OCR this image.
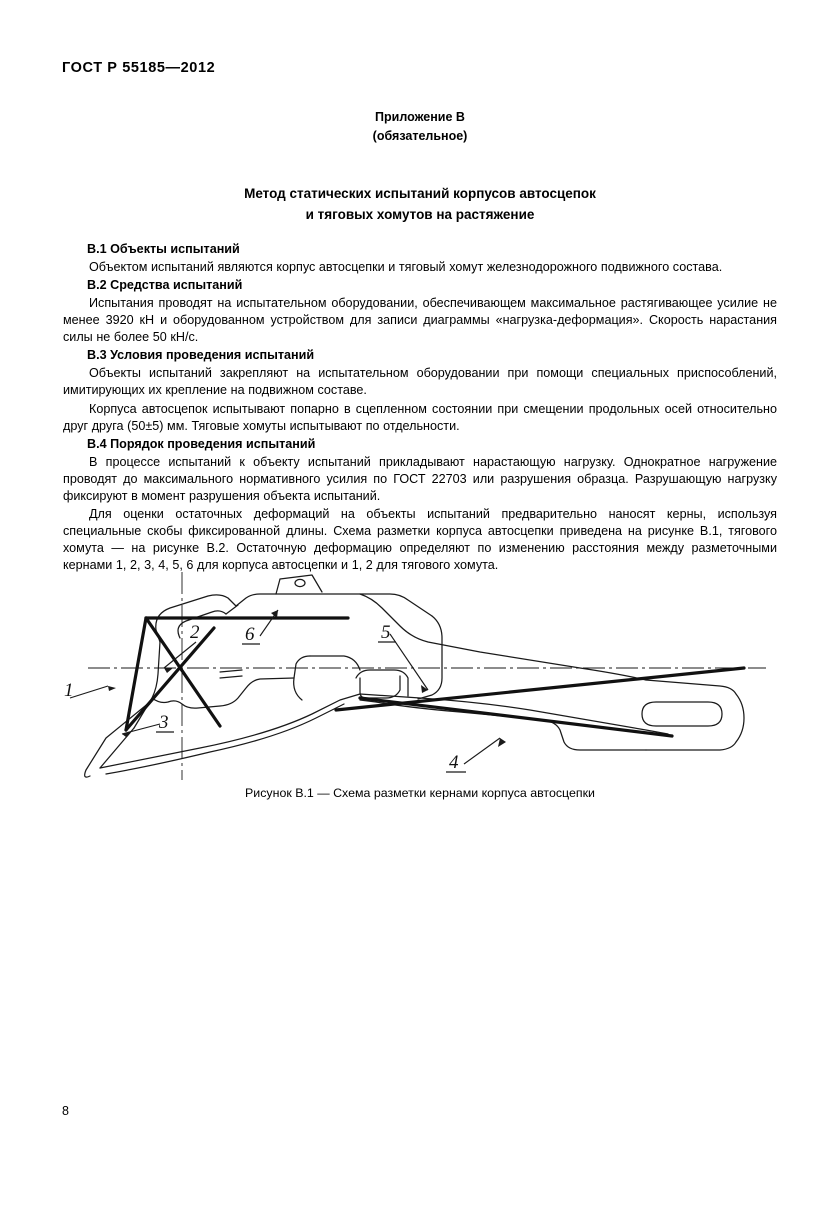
ГОСТ Р 55185—2012
Приложение В
(обязательное)
Метод статических испытаний корпусов автосцепок
и тяговых хомутов на растяжение
В.1 Объекты испытаний

Объектом испытаний являются корпус автосцепки и тяговый хомут железнодорожного подвижного состава.

В.2 Средства испытаний

Испытания проводят на испытательном оборудовании, обеспечивающем максимальное растягивающее усилие не менее 3920 кН и оборудованном устройством для записи диаграммы «нагрузка-деформация». Скорость нарастания силы не более 50 кН/с.

В.3 Условия проведения испытаний

Объекты испытаний закрепляют на испытательном оборудовании при помощи специальных приспособлений, имитирующих их крепление на подвижном составе.

Корпуса автосцепок испытывают попарно в сцепленном состоянии при смещении продольных осей относительно друг друга (50±5) мм. Тяговые хомуты испытывают по отдельности.

В.4 Порядок проведения испытаний

В процессе испытаний к объекту испытаний прикладывают нарастающую нагрузку. Однократное нагружение проводят до максимального нормативного усилия по ГОСТ 22703 или разрушения образца. Разрушающую нагрузку фиксируют в момент разрушения объекта испытаний.

Для оценки остаточных деформаций на объекты испытаний предварительно наносят керны, используя специальные скобы фиксированной длины. Схема разметки корпуса автосцепки приведена на рисунке В.1, тягового хомута — на рисунке В.2. Остаточную деформацию определяют по изменению расстояния между разметочными кернами 1, 2, 3, 4, 5, 6 для корпуса автосцепки и 1, 2 для тягового хомута.

1
2
3
4
5
6
Рисунок В.1 — Схема разметки кернами корпуса автосцепки
8
